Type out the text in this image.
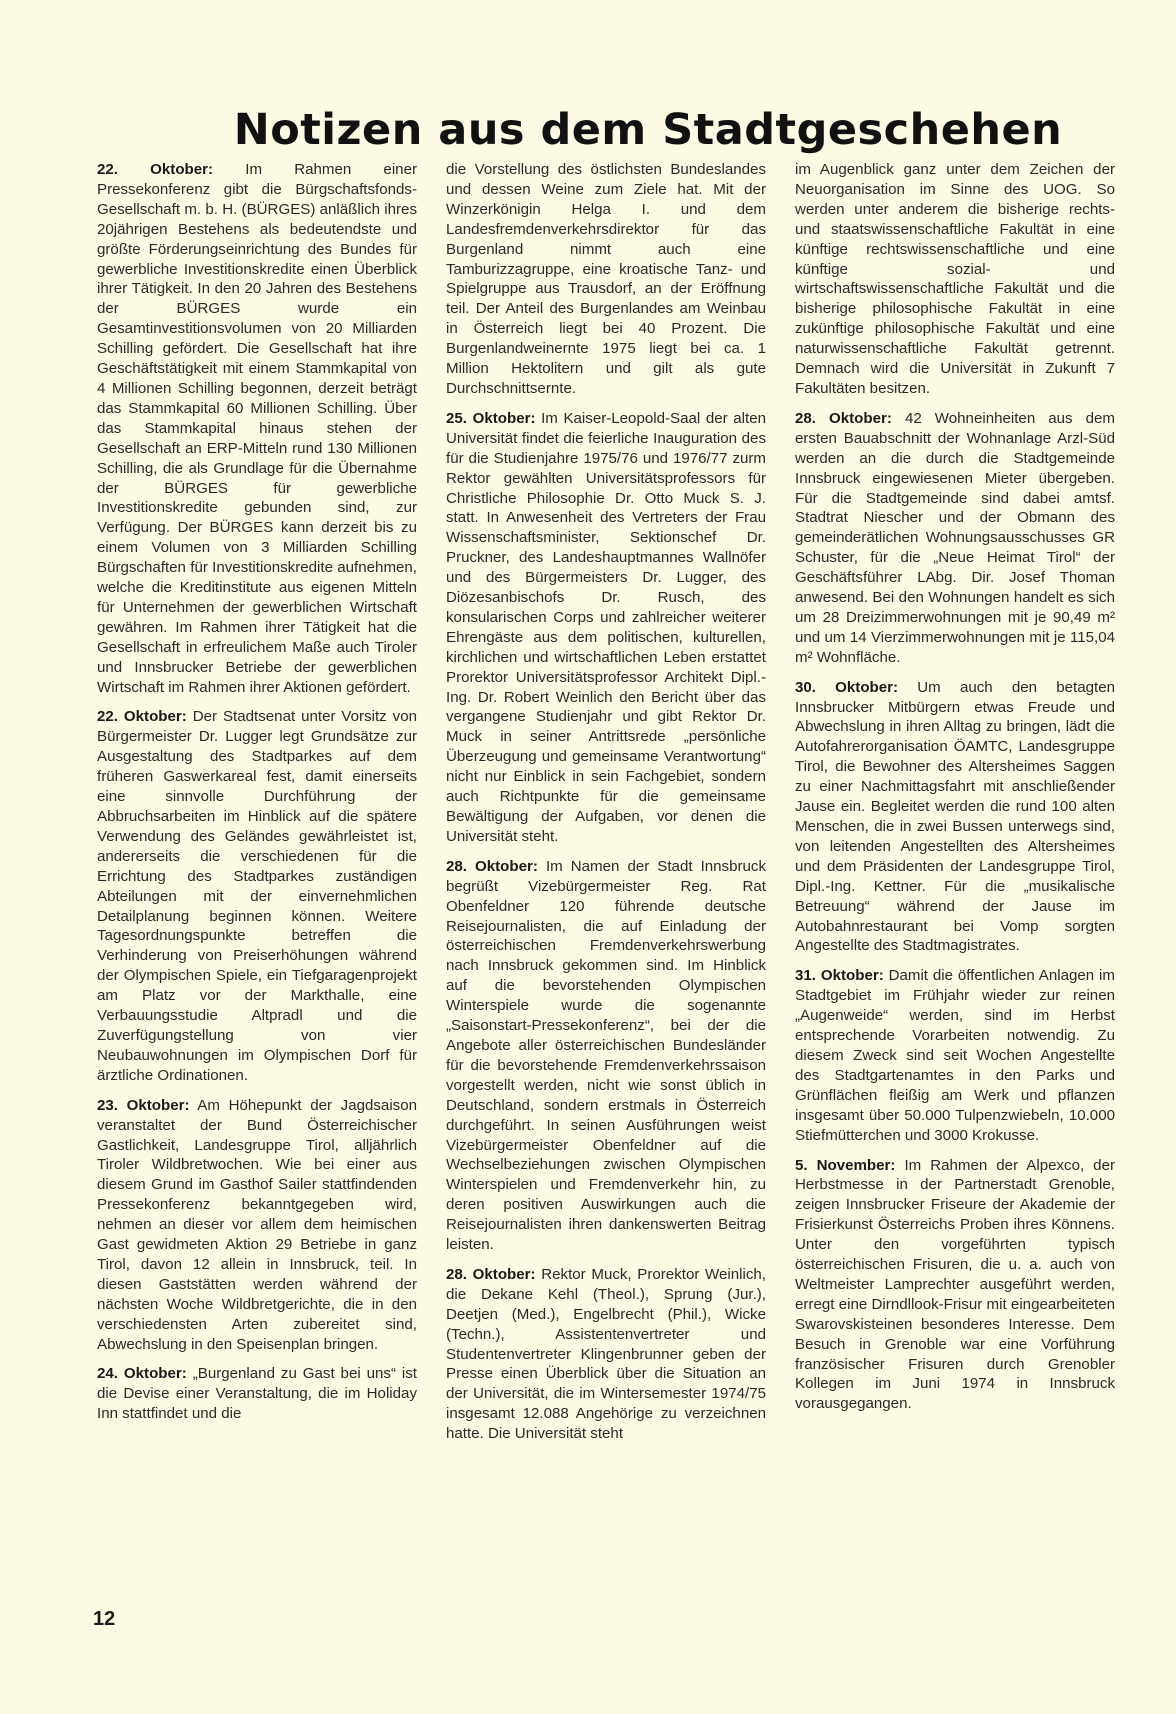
Notizen aus dem Stadtgeschehen

22. Oktober: Im Rahmen einer Pressekonferenz gibt die Bürgschaftsfonds-Gesellschaft m. b. H. (BÜRGES) anläßlich ihres 20jährigen Bestehens als bedeutendste und größte Förderungseinrichtung des Bundes für gewerbliche Investitionskredite einen Überblick ihrer Tätigkeit. In den 20 Jahren des Bestehens der BÜRGES wurde ein Gesamtinvestitionsvolumen von 20 Milliarden Schilling gefördert. Die Gesellschaft hat ihre Geschäftstätigkeit mit einem Stammkapital von 4 Millionen Schilling begonnen, derzeit beträgt das Stammkapital 60 Millionen Schilling. Über das Stammkapital hinaus stehen der Gesellschaft an ERP-Mitteln rund 130 Millionen Schilling, die als Grundlage für die Übernahme der BÜRGES für gewerbliche Investitionskredite gebunden sind, zur Verfügung. Der BÜRGES kann derzeit bis zu einem Volumen von 3 Milliarden Schilling Bürgschaften für Investitionskredite aufnehmen, welche die Kreditinstitute aus eigenen Mitteln für Unternehmen der gewerblichen Wirtschaft gewähren. Im Rahmen ihrer Tätigkeit hat die Gesellschaft in erfreulichem Maße auch Tiroler und Innsbrucker Betriebe der gewerblichen Wirtschaft im Rahmen ihrer Aktionen gefördert.

22. Oktober: Der Stadtsenat unter Vorsitz von Bürgermeister Dr. Lugger legt Grundsätze zur Ausgestaltung des Stadtparkes auf dem früheren Gaswerkareal fest, damit einerseits eine sinnvolle Durchführung der Abbruchsarbeiten im Hinblick auf die spätere Verwendung des Geländes gewährleistet ist, andererseits die verschiedenen für die Errichtung des Stadtparkes zuständigen Abteilungen mit der einvernehmlichen Detailplanung beginnen können. Weitere Tagesordnungspunkte betreffen die Verhinderung von Preiserhöhungen während der Olympischen Spiele, ein Tiefgaragenprojekt am Platz vor der Markthalle, eine Verbauungsstudie Altpradl und die Zuverfügungstellung von vier Neubauwohnungen im Olympischen Dorf für ärztliche Ordinationen.

23. Oktober: Am Höhepunkt der Jagdsaison veranstaltet der Bund Österreichischer Gastlichkeit, Landesgruppe Tirol, alljährlich Tiroler Wildbretwochen. Wie bei einer aus diesem Grund im Gasthof Sailer stattfindenden Pressekonferenz bekanntgegeben wird, nehmen an dieser vor allem dem heimischen Gast gewidmeten Aktion 29 Betriebe in ganz Tirol, davon 12 allein in Innsbruck, teil. In diesen Gaststätten werden während der nächsten Woche Wildbretgerichte, die in den verschiedensten Arten zubereitet sind, Abwechslung in den Speisenplan bringen.

24. Oktober: „Burgenland zu Gast bei uns“ ist die Devise einer Veranstaltung, die im Holiday Inn stattfindet und die

die Vorstellung des östlichsten Bundeslandes und dessen Weine zum Ziele hat. Mit der Winzerkönigin Helga I. und dem Landesfremdenverkehrsdirektor für das Burgenland nimmt auch eine Tamburizzagruppe, eine kroatische Tanz- und Spielgruppe aus Trausdorf, an der Eröffnung teil. Der Anteil des Burgenlandes am Weinbau in Österreich liegt bei 40 Prozent. Die Burgenlandweinernte 1975 liegt bei ca. 1 Million Hektolitern und gilt als gute Durchschnittsernte.

25. Oktober: Im Kaiser-Leopold-Saal der alten Universität findet die feierliche Inauguration des für die Studienjahre 1975/76 und 1976/77 zurm Rektor gewählten Universitätsprofessors für Christliche Philosophie Dr. Otto Muck S. J. statt. In Anwesenheit des Vertreters der Frau Wissenschaftsminister, Sektionschef Dr. Pruckner, des Landeshauptmannes Wallnöfer und des Bürgermeisters Dr. Lugger, des Diözesanbischofs Dr. Rusch, des konsularischen Corps und zahlreicher weiterer Ehrengäste aus dem politischen, kulturellen, kirchlichen und wirtschaftlichen Leben erstattet Prorektor Universitätsprofessor Architekt Dipl.-Ing. Dr. Robert Weinlich den Bericht über das vergangene Studienjahr und gibt Rektor Dr. Muck in seiner Antrittsrede „persönliche Überzeugung und gemeinsame Verantwortung“ nicht nur Einblick in sein Fachgebiet, sondern auch Richtpunkte für die gemeinsame Bewältigung der Aufgaben, vor denen die Universität steht.

28. Oktober: Im Namen der Stadt Innsbruck begrüßt Vizebürgermeister Reg. Rat Obenfeldner 120 führende deutsche Reisejournalisten, die auf Einladung der österreichischen Fremdenverkehrswerbung nach Innsbruck gekommen sind. Im Hinblick auf die bevorstehenden Olympischen Winterspiele wurde die sogenannte „Saisonstart-Pressekonferenz“, bei der die Angebote aller österreichischen Bundesländer für die bevorstehende Fremdenverkehrssaison vorgestellt werden, nicht wie sonst üblich in Deutschland, sondern erstmals in Österreich durchgeführt. In seinen Ausführungen weist Vizebürgermeister Obenfeldner auf die Wechselbeziehungen zwischen Olympischen Winterspielen und Fremdenverkehr hin, zu deren positiven Auswirkungen auch die Reisejournalisten ihren dankenswerten Beitrag leisten.

28. Oktober: Rektor Muck, Prorektor Weinlich, die Dekane Kehl (Theol.), Sprung (Jur.), Deetjen (Med.), Engelbrecht (Phil.), Wicke (Techn.), Assistentenvertreter und Studentenvertreter Klingenbrunner geben der Presse einen Überblick über die Situation an der Universität, die im Wintersemester 1974/75 insgesamt 12.088 Angehörige zu verzeichnen hatte. Die Universität steht

im Augenblick ganz unter dem Zeichen der Neuorganisation im Sinne des UOG. So werden unter anderem die bisherige rechts- und staatswissenschaftliche Fakultät in eine künftige rechtswissenschaftliche und eine künftige sozial- und wirtschaftswissenschaftliche Fakultät und die bisherige philosophische Fakultät in eine zukünftige philosophische Fakultät und eine naturwissenschaftliche Fakultät getrennt. Demnach wird die Universität in Zukunft 7 Fakultäten besitzen.

28. Oktober: 42 Wohneinheiten aus dem ersten Bauabschnitt der Wohnanlage Arzl-Süd werden an die durch die Stadtgemeinde Innsbruck eingewiesenen Mieter übergeben. Für die Stadtgemeinde sind dabei amtsf. Stadtrat Niescher und der Obmann des gemeinderätlichen Wohnungsausschusses GR Schuster, für die „Neue Heimat Tirol“ der Geschäftsführer LAbg. Dir. Josef Thoman anwesend. Bei den Wohnungen handelt es sich um 28 Dreizimmerwohnungen mit je 90,49 m² und um 14 Vierzimmerwohnungen mit je 115,04 m² Wohnfläche.

30. Oktober: Um auch den betagten Innsbrucker Mitbürgern etwas Freude und Abwechslung in ihren Alltag zu bringen, lädt die Autofahrerorganisation ÖAMTC, Landesgruppe Tirol, die Bewohner des Altersheimes Saggen zu einer Nachmittagsfahrt mit anschließender Jause ein. Begleitet werden die rund 100 alten Menschen, die in zwei Bussen unterwegs sind, von leitenden Angestellten des Altersheimes und dem Präsidenten der Landesgruppe Tirol, Dipl.-Ing. Kettner. Für die „musikalische Betreuung“ während der Jause im Autobahnrestaurant bei Vomp sorgten Angestellte des Stadtmagistrates.

31. Oktober: Damit die öffentlichen Anlagen im Stadtgebiet im Frühjahr wieder zur reinen „Augenweide“ werden, sind im Herbst entsprechende Vorarbeiten notwendig. Zu diesem Zweck sind seit Wochen Angestellte des Stadtgartenamtes in den Parks und Grünflächen fleißig am Werk und pflanzen insgesamt über 50.000 Tulpenzwiebeln, 10.000 Stiefmütterchen und 3000 Krokusse.

5. November: Im Rahmen der Alpexco, der Herbstmesse in der Partnerstadt Grenoble, zeigen Innsbrucker Friseure der Akademie der Frisierkunst Österreichs Proben ihres Könnens. Unter den vorgeführten typisch österreichischen Frisuren, die u. a. auch von Weltmeister Lamprechter ausgeführt werden, erregt eine Dirndllook-Frisur mit eingearbeiteten Swarovskisteinen besonderes Interesse. Dem Besuch in Grenoble war eine Vorführung französischer Frisuren durch Grenobler Kollegen im Juni 1974 in Innsbruck vorausgegangen.

12
